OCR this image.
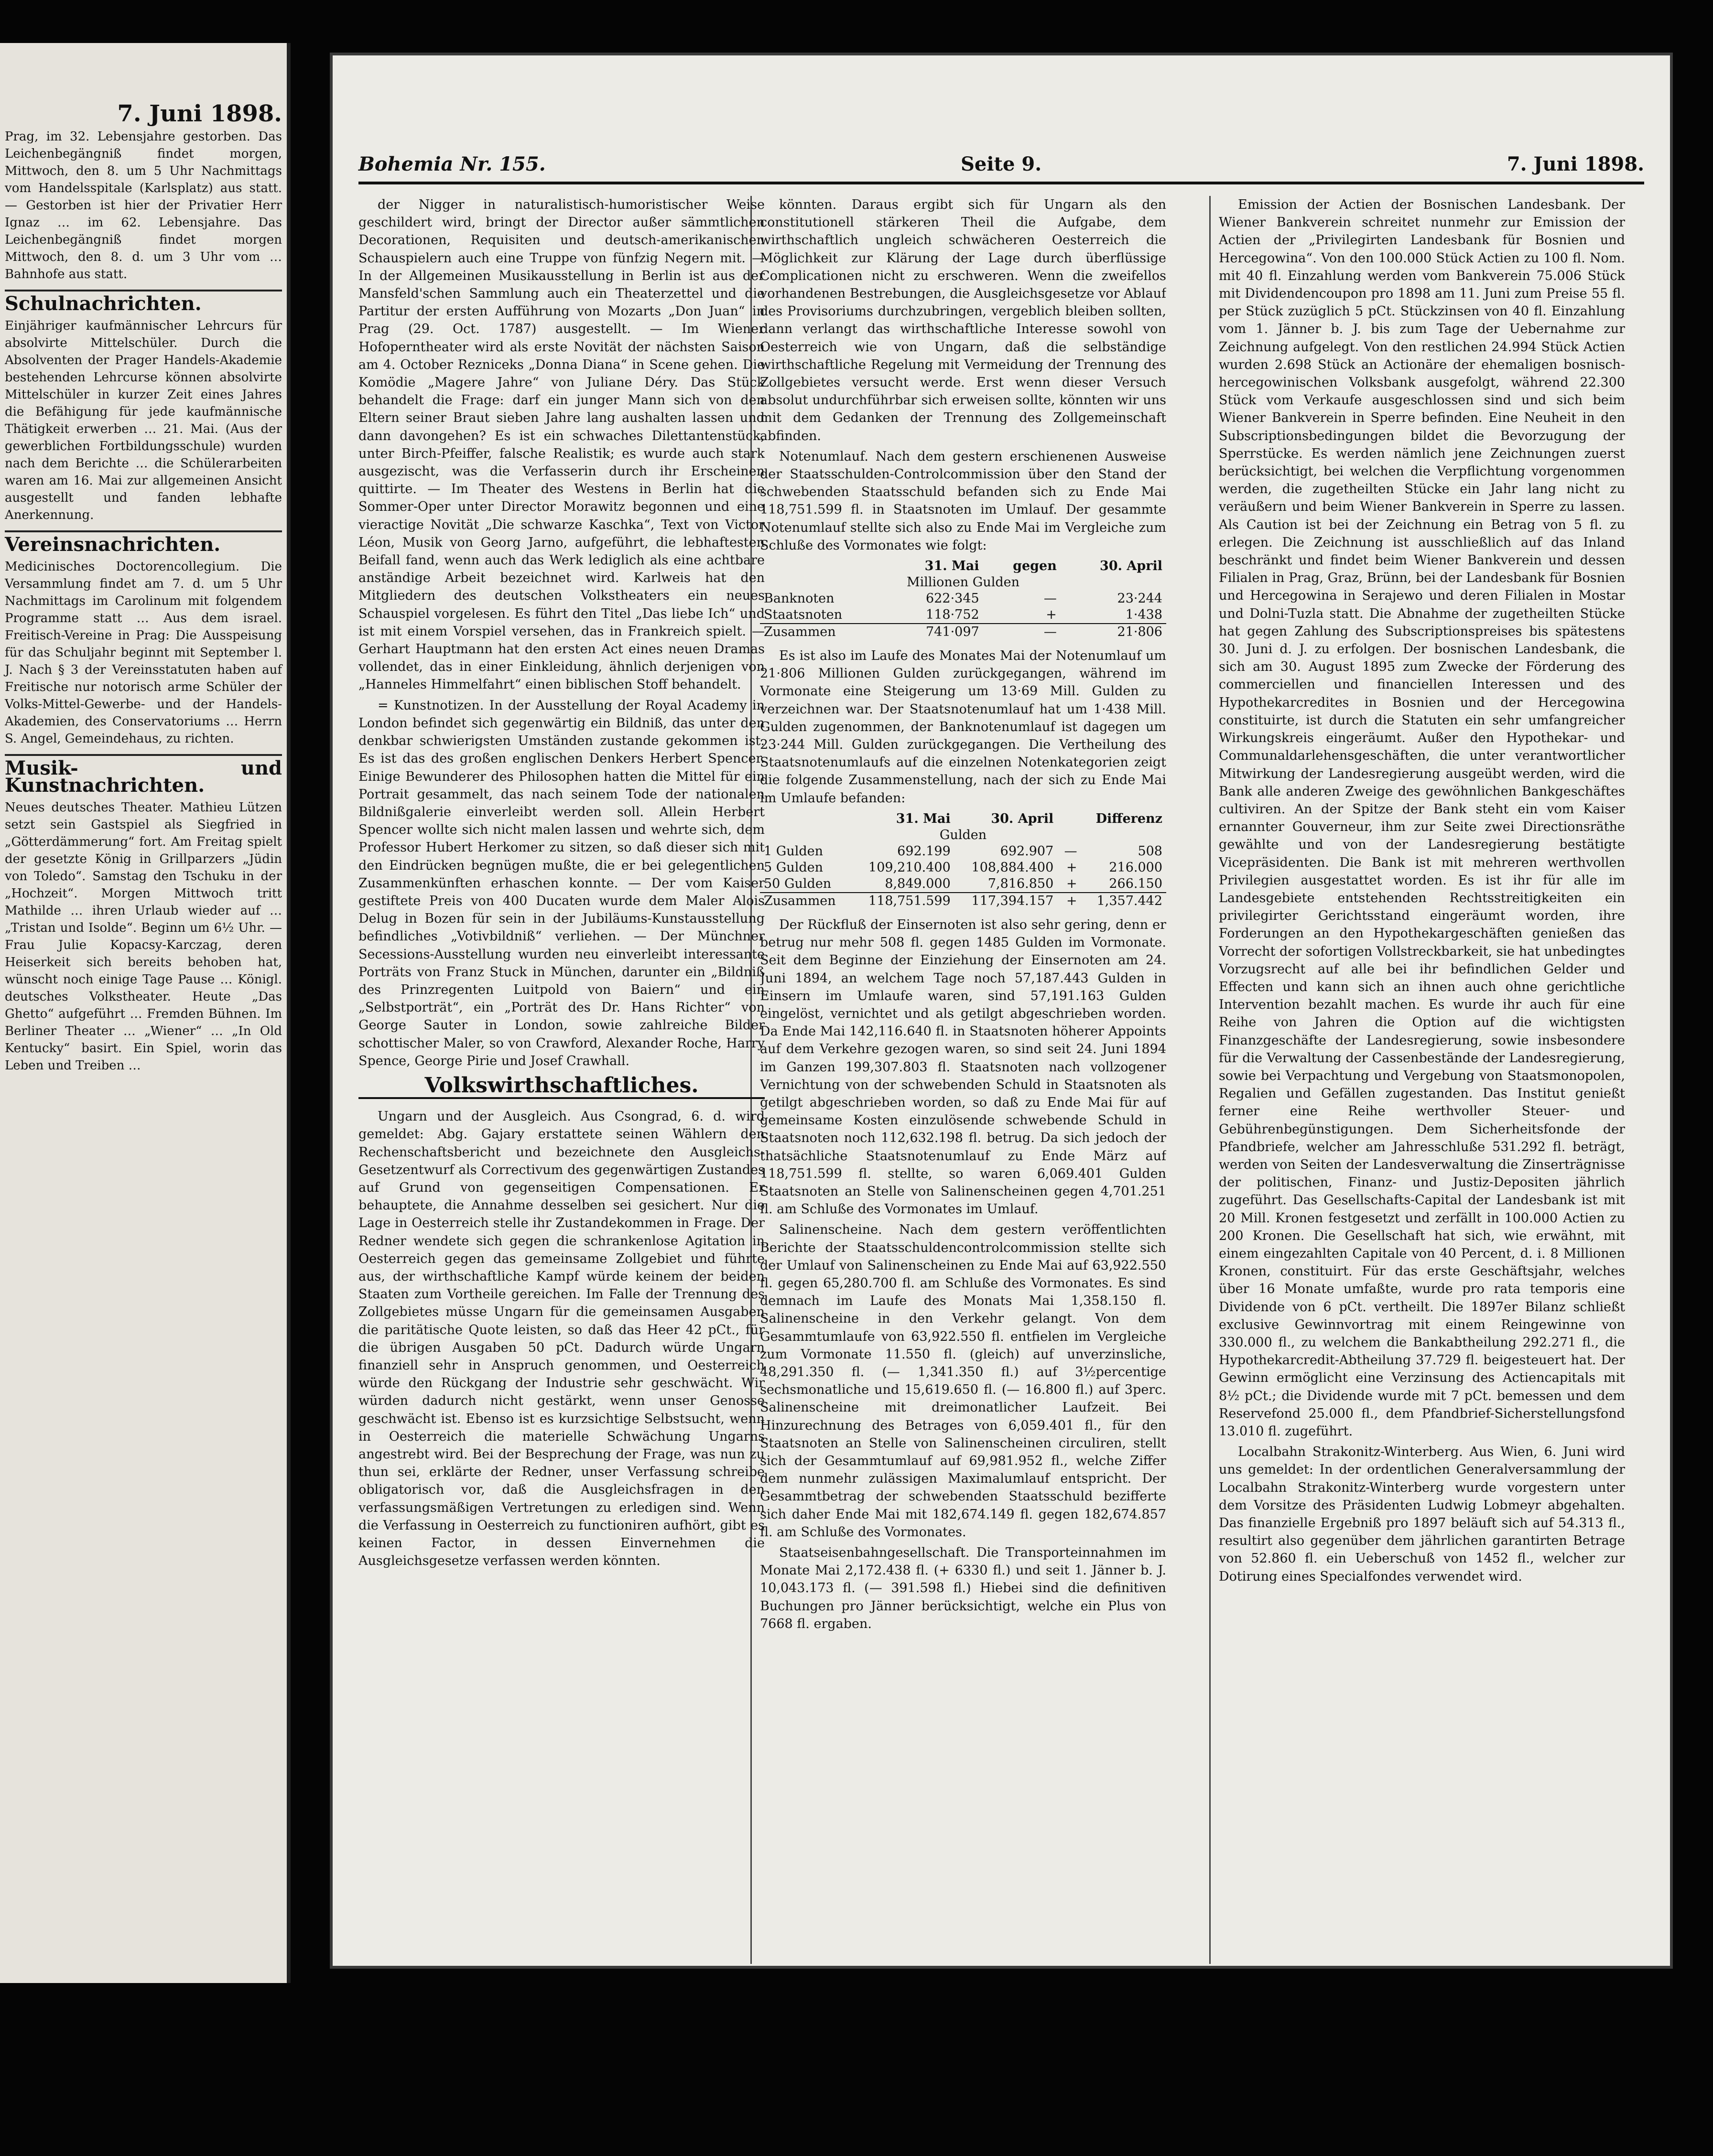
7. Juni 1898.

Prag, im 32. Lebensjahre gestorben. Das Leichenbegängniß findet morgen, Mittwoch, den 8. um 5 Uhr Nachmittags vom Handelsspitale (Karlsplatz) aus statt. — Gestorben ist hier der Privatier Herr Ignaz … im 62. Lebensjahre. Das Leichenbegängniß findet morgen Mittwoch, den 8. d. um 3 Uhr vom … Bahnhofe aus statt.

Schulnachrichten.

Einjähriger kaufmännischer Lehrcurs für absolvirte Mittelschüler. Durch die Absolventen der Prager Handels-Akademie bestehenden Lehrcurse können absolvirte Mittelschüler in kurzer Zeit eines Jahres die Befähigung für jede kaufmännische Thätigkeit erwerben … 21. Mai. (Aus der gewerblichen Fortbildungsschule) wurden nach dem Berichte … die Schülerarbeiten waren am 16. Mai zur allgemeinen Ansicht ausgestellt und fanden lebhafte Anerkennung.

Vereinsnachrichten.

Medicinisches Doctorencollegium. Die Versammlung findet am 7. d. um 5 Uhr Nachmittags im Carolinum mit folgendem Programme statt … Aus dem israel. Freitisch-Vereine in Prag: Die Ausspeisung für das Schuljahr beginnt mit September l. J. Nach § 3 der Vereinsstatuten haben auf Freitische nur notorisch arme Schüler der Volks-Mittel-Gewerbe- und der Handels-Akademien, des Conservatoriums … Herrn S. Angel, Gemeindehaus, zu richten.

Musik- und Kunstnachrichten.

Neues deutsches Theater. Mathieu Lützen setzt sein Gastspiel als Siegfried in „Götterdämmerung“ fort. Am Freitag spielt der gesetzte König in Grillparzers „Jüdin von Toledo“. Samstag den Tschuku in der „Hochzeit“. Morgen Mittwoch tritt Mathilde … ihren Urlaub wieder auf … „Tristan und Isolde“. Beginn um 6½ Uhr. — Frau Julie Kopacsy-Karczag, deren Heiserkeit sich bereits behoben hat, wünscht noch einige Tage Pause … Königl. deutsches Volkstheater. Heute „Das Ghetto“ aufgeführt … Fremden Bühnen. Im Berliner Theater … „Wiener“ … „In Old Kentucky“ basirt. Ein Spiel, worin das Leben und Treiben …

Bohemia Nr. 155.	Seite 9.	7. Juni 1898.

der Nigger in naturalistisch-humoristischer Weise geschildert wird, bringt der Director außer sämmtlichen Decorationen, Requisiten und deutsch-amerikanischen Schauspielern auch eine Truppe von fünfzig Negern mit. — In der Allgemeinen Musikausstellung in Berlin ist aus der Mansfeld'schen Sammlung auch ein Theaterzettel und die Partitur der ersten Aufführung von Mozarts „Don Juan“ in Prag (29. Oct. 1787) ausgestellt. — Im Wiener Hofoperntheater wird als erste Novität der nächsten Saison am 4. October Rezniceks „Donna Diana“ in Scene gehen. Die Komödie „Magere Jahre“ von Juliane Déry. Das Stück behandelt die Frage: darf ein junger Mann sich von den Eltern seiner Braut sieben Jahre lang aushalten lassen und dann davongehen? Es ist ein schwaches Dilettantenstück, unter Birch-Pfeiffer, falsche Realistik; es wurde auch stark ausgezischt, was die Verfasserin durch ihr Erscheinen quittirte. — Im Theater des Westens in Berlin hat die Sommer-Oper unter Director Morawitz begonnen und eine vieractige Novität „Die schwarze Kaschka“, Text von Victor Léon, Musik von Georg Jarno, aufgeführt, die lebhaftesten Beifall fand, wenn auch das Werk lediglich als eine achtbare anständige Arbeit bezeichnet wird. Karlweis hat den Mitgliedern des deutschen Volkstheaters ein neues Schauspiel vorgelesen. Es führt den Titel „Das liebe Ich“ und ist mit einem Vorspiel versehen, das in Frankreich spielt. — Gerhart Hauptmann hat den ersten Act eines neuen Dramas vollendet, das in einer Einkleidung, ähnlich derjenigen von „Hanneles Himmelfahrt“ einen biblischen Stoff behandelt.

= Kunstnotizen. In der Ausstellung der Royal Academy in London befindet sich gegenwärtig ein Bildniß, das unter den denkbar schwierigsten Umständen zustande gekommen ist. Es ist das des großen englischen Denkers Herbert Spencer. Einige Bewunderer des Philosophen hatten die Mittel für ein Portrait gesammelt, das nach seinem Tode der nationalen Bildnißgalerie einverleibt werden soll. Allein Herbert Spencer wollte sich nicht malen lassen und wehrte sich, dem Professor Hubert Herkomer zu sitzen, so daß dieser sich mit den Eindrücken begnügen mußte, die er bei gelegentlichen Zusammenkünften erhaschen konnte. — Der vom Kaiser gestiftete Preis von 400 Ducaten wurde dem Maler Alois Delug in Bozen für sein in der Jubiläums-Kunstausstellung befindliches „Votivbildniß“ verliehen. — Der Münchner Secessions-Ausstellung wurden neu einverleibt interessante Porträts von Franz Stuck in München, darunter ein „Bildniß des Prinzregenten Luitpold von Baiern“ und ein „Selbstporträt“, ein „Porträt des Dr. Hans Richter“ von George Sauter in London, sowie zahlreiche Bilder schottischer Maler, so von Crawford, Alexander Roche, Harry Spence, George Pirie und Josef Crawhall.

Volkswirthschaftliches.

Ungarn und der Ausgleich. Aus Csongrad, 6. d. wird gemeldet: Abg. Gajary erstattete seinen Wählern den Rechenschaftsbericht und bezeichnete den Ausgleichs-Gesetzentwurf als Correctivum des gegenwärtigen Zustandes auf Grund von gegenseitigen Compensationen. Er behauptete, die Annahme desselben sei gesichert. Nur die Lage in Oesterreich stelle ihr Zustandekommen in Frage. Der Redner wendete sich gegen die schrankenlose Agitation in Oesterreich gegen das gemeinsame Zollgebiet und führte aus, der wirthschaftliche Kampf würde keinem der beiden Staaten zum Vortheile gereichen. Im Falle der Trennung des Zollgebietes müsse Ungarn für die gemeinsamen Ausgaben die paritätische Quote leisten, so daß das Heer 42 pCt., für die übrigen Ausgaben 50 pCt. Dadurch würde Ungarn finanziell sehr in Anspruch genommen, und Oesterreich würde den Rückgang der Industrie sehr geschwächt. Wir würden dadurch nicht gestärkt, wenn unser Genosse geschwächt ist. Ebenso ist es kurzsichtige Selbstsucht, wenn in Oesterreich die materielle Schwächung Ungarns angestrebt wird. Bei der Besprechung der Frage, was nun zu thun sei, erklärte der Redner, unser Verfassung schreibe obligatorisch vor, daß die Ausgleichsfragen in den verfassungsmäßigen Vertretungen zu erledigen sind. Wenn die Verfassung in Oesterreich zu functioniren aufhört, gibt es keinen Factor, in dessen Einvernehmen die Ausgleichsgesetze verfassen werden könnten.

könnten. Daraus ergibt sich für Ungarn als den constitutionell stärkeren Theil die Aufgabe, dem wirthschaftlich ungleich schwächeren Oesterreich die Möglichkeit zur Klärung der Lage durch überflüssige Complicationen nicht zu erschweren. Wenn die zweifellos vorhandenen Bestrebungen, die Ausgleichsgesetze vor Ablauf des Provisoriums durchzubringen, vergeblich bleiben sollten, dann verlangt das wirthschaftliche Interesse sowohl von Oesterreich wie von Ungarn, daß die selbständige wirthschaftliche Regelung mit Vermeidung der Trennung des Zollgebietes versucht werde. Erst wenn dieser Versuch absolut undurchführbar sich erweisen sollte, könnten wir uns mit dem Gedanken der Trennung des Zollgemeinschaft abfinden.

Notenumlauf. Nach dem gestern erschienenen Ausweise der Staatsschulden-Controlcommission über den Stand der schwebenden Staatsschuld befanden sich zu Ende Mai 118,751.599 fl. in Staatsnoten im Umlauf. Der gesammte Notenumlauf stellte sich also zu Ende Mai im Vergleiche zum Schluße des Vormonates wie folgt:

	31. Mai	gegen	30. April
Millionen Gulden			
Banknoten	622·345	—	23·244
Staatsnoten	118·752	+	1·438
Zusammen	741·097	—	21·806

Es ist also im Laufe des Monates Mai der Notenumlauf um 21·806 Millionen Gulden zurückgegangen, während im Vormonate eine Steigerung um 13·69 Mill. Gulden zu verzeichnen war. Der Staatsnotenumlauf hat um 1·438 Mill. Gulden zugenommen, der Banknotenumlauf ist dagegen um 23·244 Mill. Gulden zurückgegangen. Die Vertheilung des Staatsnotenumlaufs auf die einzelnen Notenkategorien zeigt die folgende Zusammenstellung, nach der sich zu Ende Mai im Umlaufe befanden:

	31. Mai	30. April		Differenz
Gulden				
1 Gulden	692.199	692.907	—	508
5 Gulden	109,210.400	108,884.400	+	216.000
50 Gulden	8,849.000	7,816.850	+	266.150
Zusammen	118,751.599	117,394.157	+	1,357.442

Der Rückfluß der Einsernoten ist also sehr gering, denn er betrug nur mehr 508 fl. gegen 1485 Gulden im Vormonate. Seit dem Beginne der Einziehung der Einsernoten am 24. Juni 1894, an welchem Tage noch 57,187.443 Gulden in Einsern im Umlaufe waren, sind 57,191.163 Gulden eingelöst, vernichtet und als getilgt abgeschrieben worden. Da Ende Mai 142,116.640 fl. in Staatsnoten höherer Appoints auf dem Verkehre gezogen waren, so sind seit 24. Juni 1894 im Ganzen 199,307.803 fl. Staatsnoten nach vollzogener Vernichtung von der schwebenden Schuld in Staatsnoten als getilgt abgeschrieben worden, so daß zu Ende Mai für auf gemeinsame Kosten einzulösende schwebende Schuld in Staatsnoten noch 112,632.198 fl. betrug. Da sich jedoch der thatsächliche Staatsnotenumlauf zu Ende März auf 118,751.599 fl. stellte, so waren 6,069.401 Gulden Staatsnoten an Stelle von Salinenscheinen gegen 4,701.251 fl. am Schluße des Vormonates im Umlauf.

Salinenscheine. Nach dem gestern veröffentlichten Berichte der Staatsschuldencontrolcommission stellte sich der Umlauf von Salinenscheinen zu Ende Mai auf 63,922.550 fl. gegen 65,280.700 fl. am Schluße des Vormonates. Es sind demnach im Laufe des Monats Mai 1,358.150 fl. Salinenscheine in den Verkehr gelangt. Von dem Gesammtumlaufe von 63,922.550 fl. entfielen im Vergleiche zum Vormonate 11.550 fl. (gleich) auf unverzinsliche, 48,291.350 fl. (— 1,341.350 fl.) auf 3½percentige sechsmonatliche und 15,619.650 fl. (— 16.800 fl.) auf 3perc. Salinenscheine mit dreimonatlicher Laufzeit. Bei Hinzurechnung des Betrages von 6,059.401 fl., für den Staatsnoten an Stelle von Salinenscheinen circuliren, stellt sich der Gesammtumlauf auf 69,981.952 fl., welche Ziffer dem nunmehr zulässigen Maximalumlauf entspricht. Der Gesammtbetrag der schwebenden Staatsschuld bezifferte sich daher Ende Mai mit 182,674.149 fl. gegen 182,674.857 fl. am Schluße des Vormonates.

Staatseisenbahngesellschaft. Die Transporteinnahmen im Monate Mai 2,172.438 fl. (+ 6330 fl.) und seit 1. Jänner b. J. 10,043.173 fl. (— 391.598 fl.) Hiebei sind die definitiven Buchungen pro Jänner berücksichtigt, welche ein Plus von 7668 fl. ergaben.

Emission der Actien der Bosnischen Landesbank. Der Wiener Bankverein schreitet nunmehr zur Emission der Actien der „Privilegirten Landesbank für Bosnien und Hercegowina“. Von den 100.000 Stück Actien zu 100 fl. Nom. mit 40 fl. Einzahlung werden vom Bankverein 75.006 Stück mit Dividendencoupon pro 1898 am 11. Juni zum Preise 55 fl. per Stück zuzüglich 5 pCt. Stückzinsen von 40 fl. Einzahlung vom 1. Jänner b. J. bis zum Tage der Uebernahme zur Zeichnung aufgelegt. Von den restlichen 24.994 Stück Actien wurden 2.698 Stück an Actionäre der ehemaligen bosnisch-hercegowinischen Volksbank ausgefolgt, während 22.300 Stück vom Verkaufe ausgeschlossen sind und sich beim Wiener Bankverein in Sperre befinden. Eine Neuheit in den Subscriptionsbedingungen bildet die Bevorzugung der Sperrstücke. Es werden nämlich jene Zeichnungen zuerst berücksichtigt, bei welchen die Verpflichtung vorgenommen werden, die zugetheilten Stücke ein Jahr lang nicht zu veräußern und beim Wiener Bankverein in Sperre zu lassen. Als Caution ist bei der Zeichnung ein Betrag von 5 fl. zu erlegen. Die Zeichnung ist ausschließlich auf das Inland beschränkt und findet beim Wiener Bankverein und dessen Filialen in Prag, Graz, Brünn, bei der Landesbank für Bosnien und Hercegowina in Serajewo und deren Filialen in Mostar und Dolni-Tuzla statt. Die Abnahme der zugetheilten Stücke hat gegen Zahlung des Subscriptionspreises bis spätestens 30. Juni d. J. zu erfolgen. Der bosnischen Landesbank, die sich am 30. August 1895 zum Zwecke der Förderung des commerciellen und financiellen Interessen und des Hypothekarcredites in Bosnien und der Hercegowina constituirte, ist durch die Statuten ein sehr umfangreicher Wirkungskreis eingeräumt. Außer den Hypothekar- und Communaldarlehensgeschäften, die unter verantwortlicher Mitwirkung der Landesregierung ausgeübt werden, wird die Bank alle anderen Zweige des gewöhnlichen Bankgeschäftes cultiviren. An der Spitze der Bank steht ein vom Kaiser ernannter Gouverneur, ihm zur Seite zwei Directionsräthe gewählte und von der Landesregierung bestätigte Vicepräsidenten. Die Bank ist mit mehreren werthvollen Privilegien ausgestattet worden. Es ist ihr für alle im Landesgebiete entstehenden Rechtsstreitigkeiten ein privilegirter Gerichtsstand eingeräumt worden, ihre Forderungen an den Hypothekargeschäften genießen das Vorrecht der sofortigen Vollstreckbarkeit, sie hat unbedingtes Vorzugsrecht auf alle bei ihr befindlichen Gelder und Effecten und kann sich an ihnen auch ohne gerichtliche Intervention bezahlt machen. Es wurde ihr auch für eine Reihe von Jahren die Option auf die wichtigsten Finanzgeschäfte der Landesregierung, sowie insbesondere für die Verwaltung der Cassenbestände der Landesregierung, sowie bei Verpachtung und Vergebung von Staatsmonopolen, Regalien und Gefällen zugestanden. Das Institut genießt ferner eine Reihe werthvoller Steuer- und Gebührenbegünstigungen. Dem Sicherheitsfonde der Pfandbriefe, welcher am Jahresschluße 531.292 fl. beträgt, werden von Seiten der Landesverwaltung die Zinserträgnisse der politischen, Finanz- und Justiz-Depositen jährlich zugeführt. Das Gesellschafts-Capital der Landesbank ist mit 20 Mill. Kronen festgesetzt und zerfällt in 100.000 Actien zu 200 Kronen. Die Gesellschaft hat sich, wie erwähnt, mit einem eingezahlten Capitale von 40 Percent, d. i. 8 Millionen Kronen, constituirt. Für das erste Geschäftsjahr, welches über 16 Monate umfaßte, wurde pro rata temporis eine Dividende von 6 pCt. vertheilt. Die 1897er Bilanz schließt exclusive Gewinnvortrag mit einem Reingewinne von 330.000 fl., zu welchem die Bankabtheilung 292.271 fl., die Hypothekarcredit-Abtheilung 37.729 fl. beigesteuert hat. Der Gewinn ermöglicht eine Verzinsung des Actiencapitals mit 8½ pCt.; die Dividende wurde mit 7 pCt. bemessen und dem Reservefond 25.000 fl., dem Pfandbrief-Sicherstellungsfond 13.010 fl. zugeführt.

Localbahn Strakonitz-Winterberg. Aus Wien, 6. Juni wird uns gemeldet: In der ordentlichen Generalversammlung der Localbahn Strakonitz-Winterberg wurde vorgestern unter dem Vorsitze des Präsidenten Ludwig Lobmeyr abgehalten. Das finanzielle Ergebniß pro 1897 beläuft sich auf 54.313 fl., resultirt also gegenüber dem jährlichen garantirten Betrage von 52.860 fl. ein Ueberschuß von 1452 fl., welcher zur Dotirung eines Specialfondes verwendet wird.
